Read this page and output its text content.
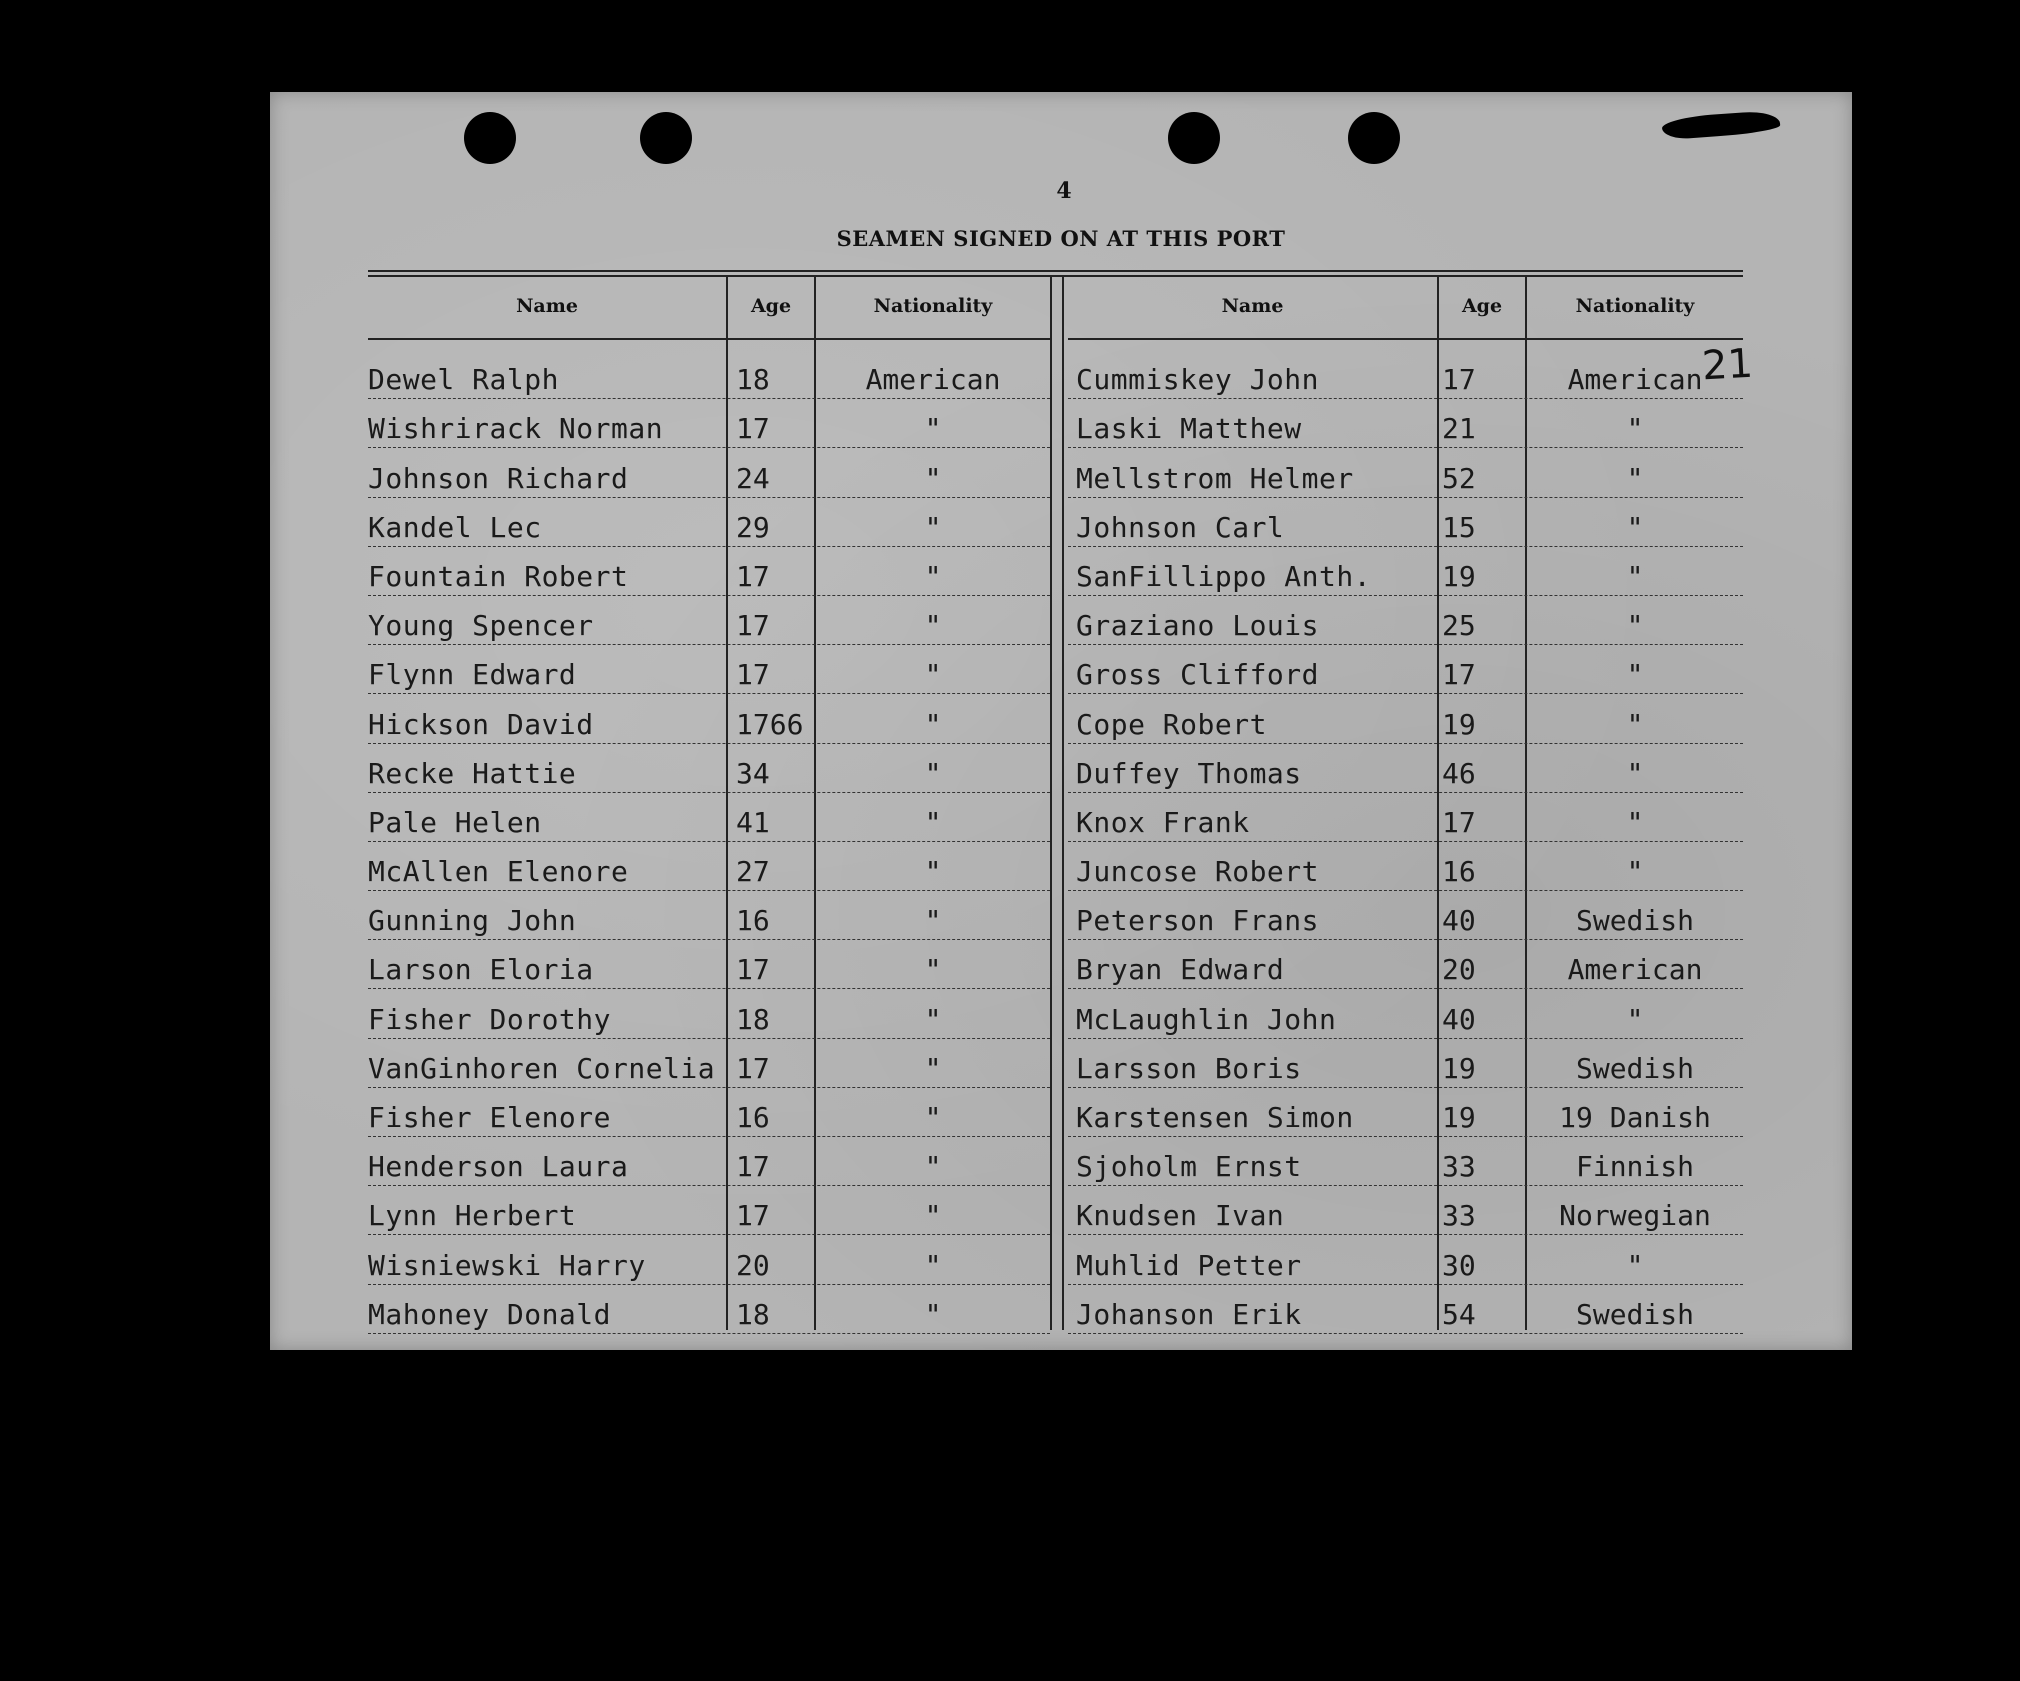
4
SEAMEN SIGNED ON AT THIS PORT
21
Name	Age	Nationality
Dewel Ralph	18	American
Wishrirack Norman	17	"
Johnson Richard	24	"
Kandel Lec	29	"
Fountain Robert	17	"
Young Spencer	17	"
Flynn Edward	17	"
Hickson David	1766	"
Recke Hattie	34	"
Pale Helen	41	"
McAllen Elenore	27	"
Gunning John	16	"
Larson Eloria	17	"
Fisher Dorothy	18	"
VanGinhoren Cornelia 17	"
Fisher Elenore	16	"
Henderson Laura	17	"
Lynn Herbert	17	"
Wisniewski Harry	20	"
Mahoney Donald	18	"
Name	Age	Nationality
Cummiskey John	17	American
Laski Matthew	21	"
Mellstrom Helmer	52	"
Johnson Carl	15	"
SanFillippo Anth.	19	"
Graziano Louis	25	"
Gross Clifford	17	"
Cope Robert	19	"
Duffey Thomas	46	"
Knox Frank	17	"
Juncose Robert	16	"
Peterson Frans	40	Swedish
Bryan Edward	20	American
McLaughlin John	40	"
Larsson Boris	19	Swedish
Karstensen Simon	19	19 Danish
Sjoholm Ernst	33	Finnish
Knudsen Ivan	33	Norwegian
Muhlid Petter	30	"
Johanson Erik	54	Swedish
